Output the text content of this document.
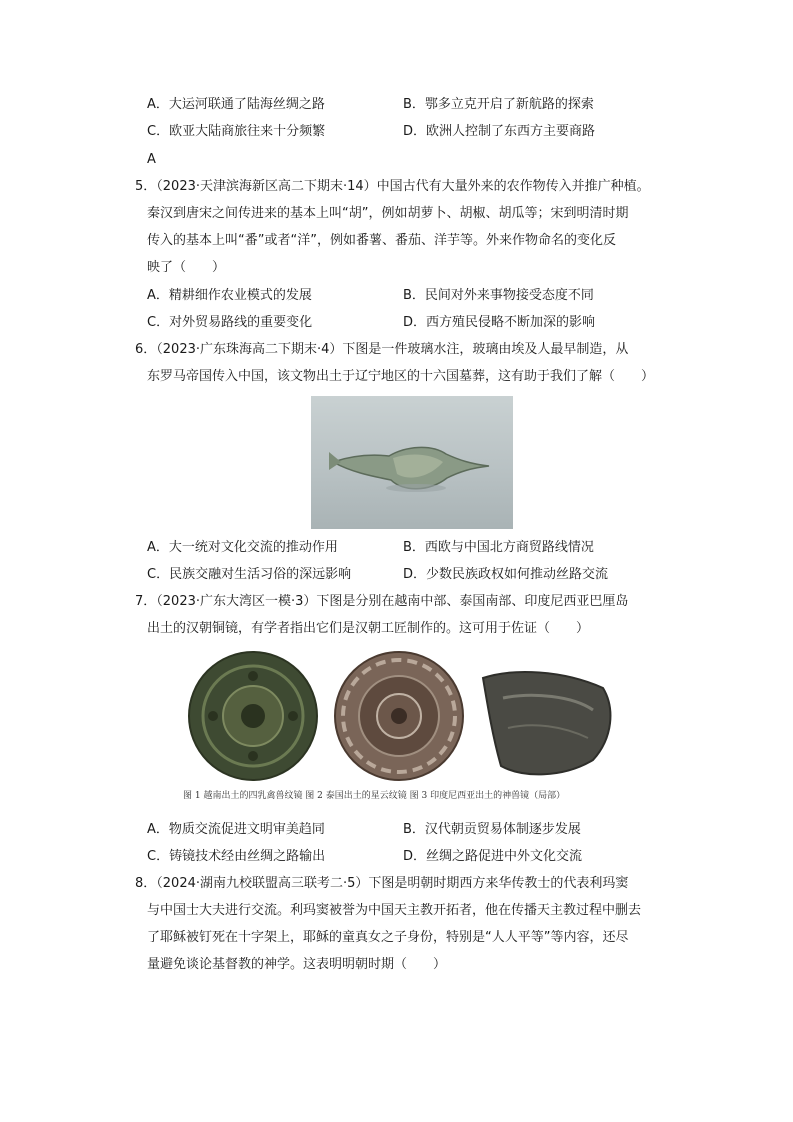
A．大运河联通了陆海丝绸之路	B．鄂多立克开启了新航路的探索
C．欧亚大陆商旅往来十分频繁	D．欧洲人控制了东西方主要商路
A
5．（2023·天津滨海新区高二下期末·14）中国古代有大量外来的农作物传入并推广种植。
秦汉到唐宋之间传进来的基本上叫“胡”，例如胡萝卜、胡椒、胡瓜等；宋到明清时期
传入的基本上叫“番”或者“洋”，例如番薯、番茄、洋芋等。外来作物命名的变化反
映了（　　）
A．精耕细作农业模式的发展	B．民间对外来事物接受态度不同
C．对外贸易路线的重要变化	D．西方殖民侵略不断加深的影响
6．（2023·广东珠海高二下期末·4）下图是一件玻璃水注，玻璃由埃及人最早制造，从
东罗马帝国传入中国，该文物出土于辽宁地区的十六国墓葬，这有助于我们了解（　　）
A．大一统对文化交流的推动作用	B．西欧与中国北方商贸路线情况
C．民族交融对生活习俗的深远影响	D．少数民族政权如何推动丝路交流
7．（2023·广东大湾区一模·3）下图是分别在越南中部、泰国南部、印度尼西亚巴厘岛
出土的汉朝铜镜，有学者指出它们是汉朝工匠制作的。这可用于佐证（　　）
图 1 越南出土的四乳禽兽纹镜 图 2 泰国出土的星云纹镜 图 3 印度尼西亚出土的神兽镜（局部）
A．物质交流促进文明审美趋同	B．汉代朝贡贸易体制逐步发展
C．铸镜技术经由丝绸之路输出	D．丝绸之路促进中外文化交流
8．（2024·湖南九校联盟高三联考二·5）下图是明朝时期西方来华传教士的代表利玛窦
与中国士大夫进行交流。利玛窦被誉为中国天主教开拓者，他在传播天主教过程中删去
了耶稣被钉死在十字架上，耶稣的童真女之子身份，特别是“人人平等”等内容，还尽
量避免谈论基督教的神学。这表明明朝时期（　　）
